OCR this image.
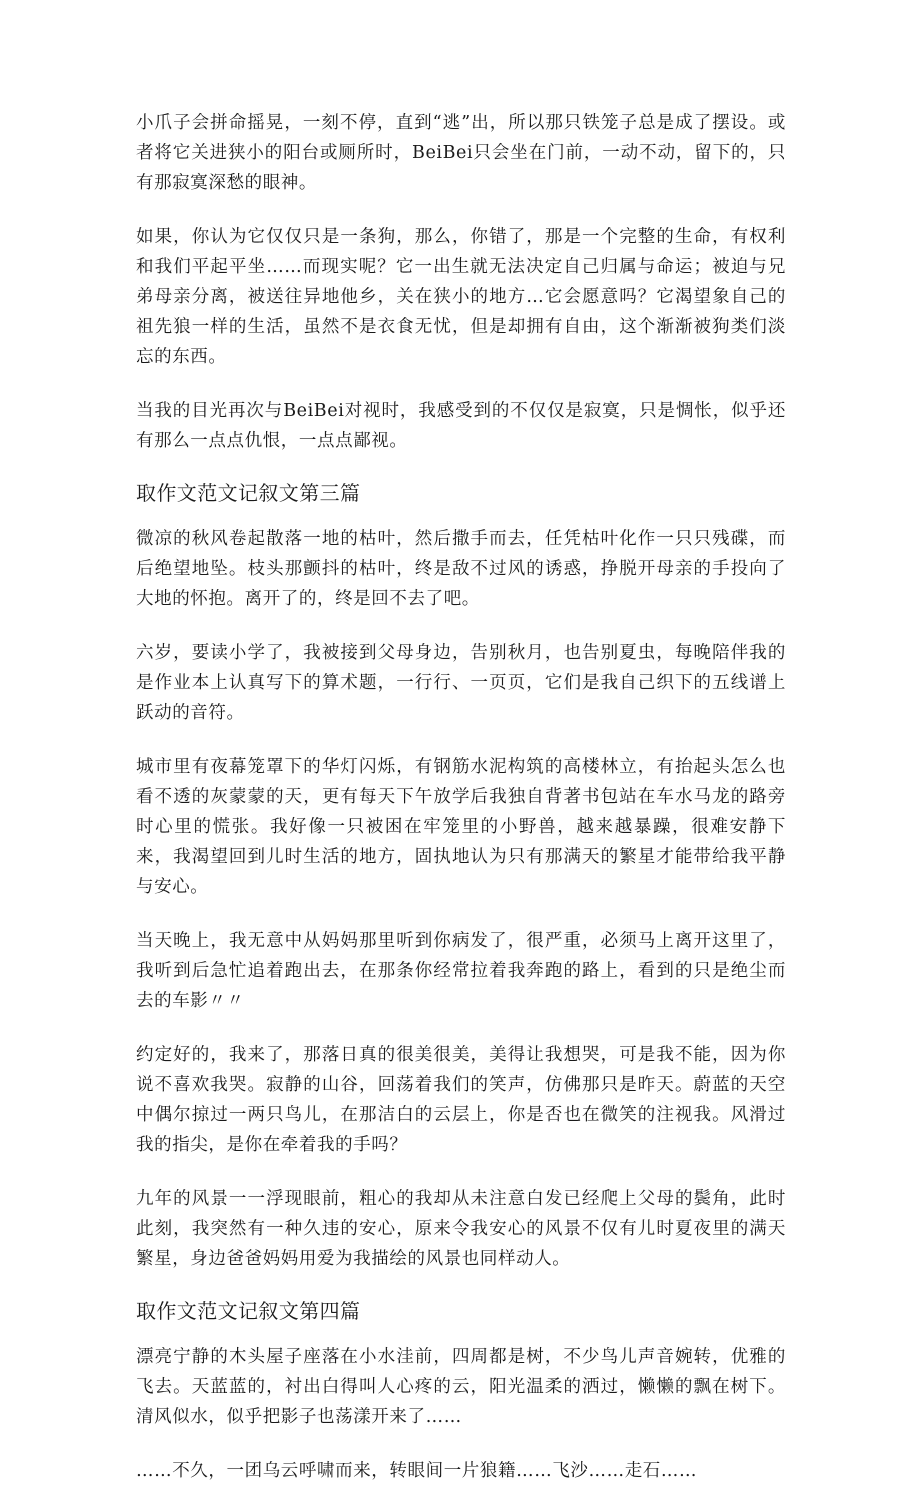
小爪子会拼命摇晃，一刻不停，直到“逃”出，所以那只铁笼子总是成了摆设。或者将它关进狭小的阳台或厕所时，BeiBei只会坐在门前，一动不动，留下的，只有那寂寞深愁的眼神。

如果，你认为它仅仅只是一条狗，那么，你错了，那是一个完整的生命，有权利和我们平起平坐……而现实呢？它一出生就无法决定自己归属与命运；被迫与兄弟母亲分离，被送往异地他乡，关在狭小的地方…它会愿意吗？它渴望象自己的祖先狼一样的生活，虽然不是衣食无忧，但是却拥有自由，这个渐渐被狗类们淡忘的东西。

当我的目光再次与BeiBei对视时，我感受到的不仅仅是寂寞，只是惆怅，似乎还有那么一点点仇恨，一点点鄙视。

取作文范文记叙文第三篇

微凉的秋风卷起散落一地的枯叶，然后撒手而去，任凭枯叶化作一只只残碟，而后绝望地坠。枝头那颤抖的枯叶，终是敌不过风的诱惑，挣脱开母亲的手投向了大地的怀抱。离开了的，终是回不去了吧。

六岁，要读小学了，我被接到父母身边，告别秋月，也告别夏虫，每晚陪伴我的是作业本上认真写下的算术题，一行行、一页页，它们是我自己织下的五线谱上跃动的音符。

城市里有夜幕笼罩下的华灯闪烁，有钢筋水泥构筑的高楼林立，有抬起头怎么也看不透的灰蒙蒙的天，更有每天下午放学后我独自背著书包站在车水马龙的路旁时心里的慌张。我好像一只被困在牢笼里的小野兽，越来越暴躁，很难安静下来，我渴望回到儿时生活的地方，固执地认为只有那满天的繁星才能带给我平静与安心。

当天晚上，我无意中从妈妈那里听到你病发了，很严重，必须马上离开这里了，我听到后急忙追着跑出去，在那条你经常拉着我奔跑的路上，看到的只是绝尘而去的车影〃〃

约定好的，我来了，那落日真的很美很美，美得让我想哭，可是我不能，因为你说不喜欢我哭。寂静的山谷，回荡着我们的笑声，仿佛那只是昨天。蔚蓝的天空中偶尔掠过一两只鸟儿，在那洁白的云层上，你是否也在微笑的注视我。风滑过我的指尖，是你在牵着我的手吗？

九年的风景一一浮现眼前，粗心的我却从未注意白发已经爬上父母的鬓角，此时此刻，我突然有一种久违的安心，原来令我安心的风景不仅有儿时夏夜里的满天繁星，身边爸爸妈妈用爱为我描绘的风景也同样动人。

取作文范文记叙文第四篇

漂亮宁静的木头屋子座落在小水洼前，四周都是树，不少鸟儿声音婉转，优雅的飞去。天蓝蓝的，衬出白得叫人心疼的云，阳光温柔的洒过，懒懒的飘在树下。清风似水，似乎把影子也荡漾开来了……

……不久，一团乌云呼啸而来，转眼间一片狼籍……飞沙……走石……
